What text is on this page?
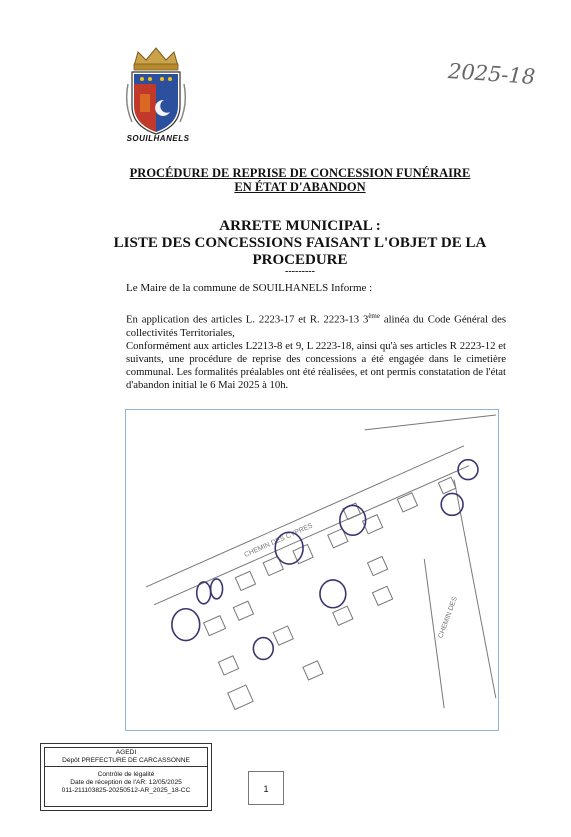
SOUILHANELS
2025-18
PROCÉDURE DE REPRISE DE CONCESSION FUNÉRAIRE
EN ÉTAT D'ABANDON
ARRETE MUNICIPAL :
LISTE DES CONCESSIONS FAISANT L'OBJET DE LA
PROCEDURE
---------
Le Maire de la commune de SOUILHANELS Informe :

En application des articles L. 2223-17 et R. 2223-13 3ème alinéa du Code Général des collectivités Territoriales,

Conformément aux articles L2213-8 et 9, L 2223-18, ainsi qu'à ses articles R 2223-12 et suivants, une procédure de reprise des concessions a été engagée dans le cimetière communal. Les formalités préalables ont été réalisées, et ont permis constatation de l'état d'abandon initial le 6 Mai 2025 à 10h.

CHEMIN DES CYPRES
CHEMIN DES
AGEDI
Dépôt PREFECTURE DE CARCASSONNE
Contrôle de légalité
Date de réception de l'AR: 12/05/2025
011-211103825-20250512-AR_2025_18-CC	1
